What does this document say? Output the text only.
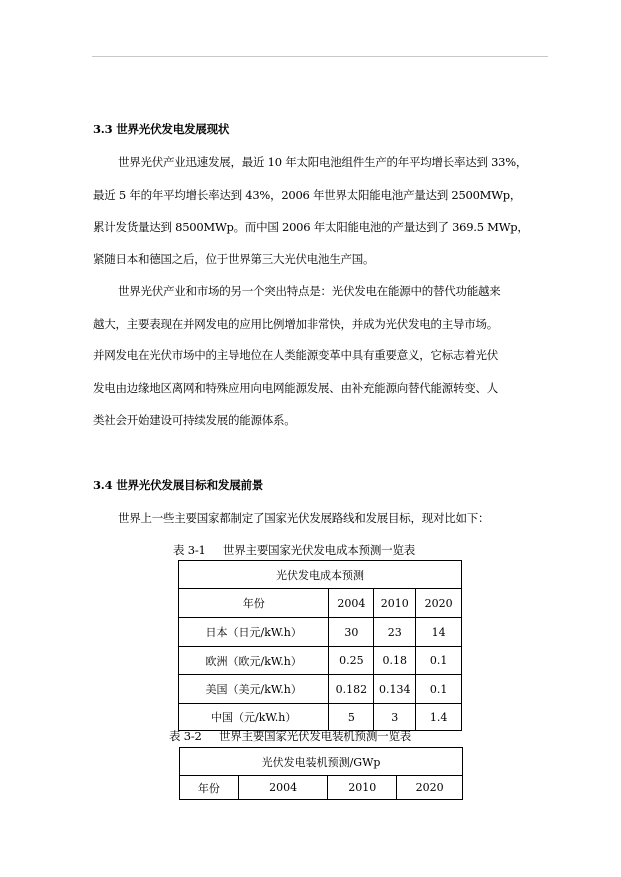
3.3 世界光伏发电发展现状
世界光伏产业迅速发展，最近 10 年太阳电池组件生产的年平均增长率达到 33%，
最近 5 年的年平均增长率达到 43%，2006 年世界太阳能电池产量达到 2500MWp，
累计发货量达到 8500MWp。而中国 2006 年太阳能电池的产量达到了 369.5 MWp，
紧随日本和德国之后，位于世界第三大光伏电池生产国。
世界光伏产业和市场的另一个突出特点是：光伏发电在能源中的替代功能越来
越大，主要表现在并网发电的应用比例增加非常快，并成为光伏发电的主导市场。
并网发电在光伏市场中的主导地位在人类能源变革中具有重要意义，它标志着光伏
发电由边缘地区离网和特殊应用向电网能源发展、由补充能源向替代能源转变、人
类社会开始建设可持续发展的能源体系。
3.4 世界光伏发展目标和发展前景
世界上一些主要国家都制定了国家光伏发展路线和发展目标，现对比如下：
表 3-1     世界主要国家光伏发电成本预测一览表
光伏发电成本预测			
年份	2004	2010	2020
日本（日元/kW.h）	30	23	14
欧洲（欧元/kW.h）	0.25	0.18	0.1
美国（美元/kW.h）	0.182	0.134	0.1
中国（元/kW.h）	5	3	1.4
表 3-2     世界主要国家光伏发电装机预测一览表
光伏发电装机预测/GWp
年份	2004	2010	2020
